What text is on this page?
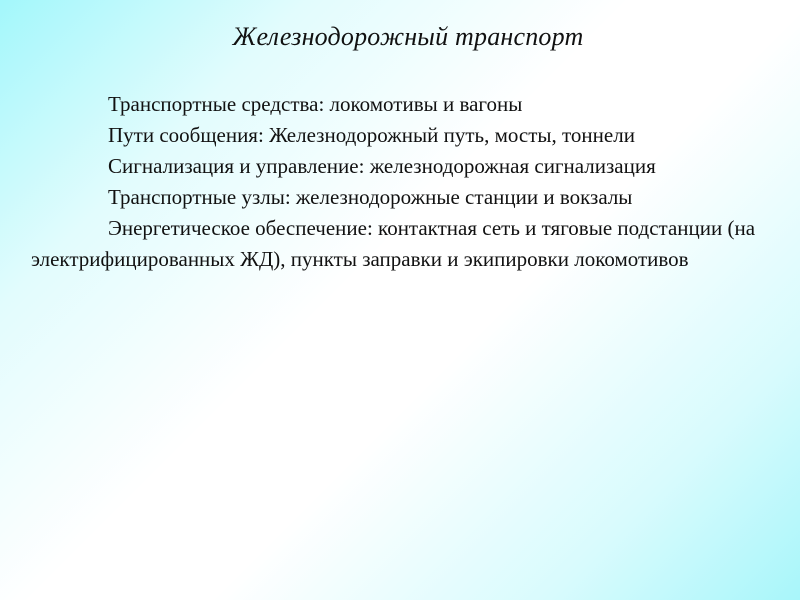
Железнодорожный транспорт

Транспортные средства: локомотивы и вагоны

Пути сообщения: Железнодорожный путь, мосты, тоннели

Сигнализация и управление: железнодорожная сигнализация

Транспортные узлы: железнодорожные станции и вокзалы

Энергетическое обеспечение: контактная сеть и тяговые подстанции (на электрифицированных ЖД), пункты заправки и экипировки локомотивов
